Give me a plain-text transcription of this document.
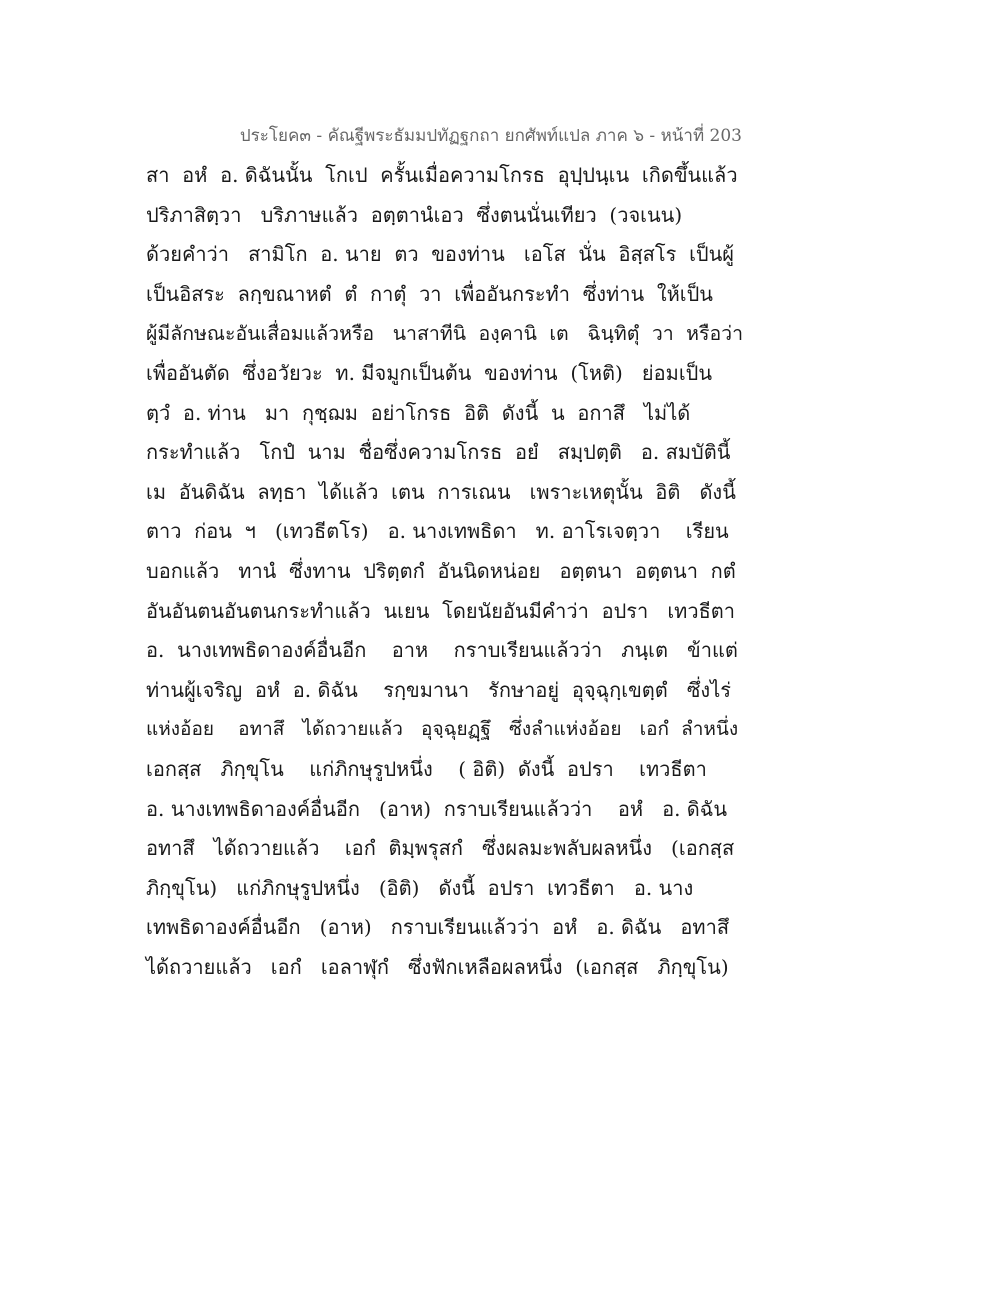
ประโยค๓ - คัณฐีพระธัมมปทัฏฐกถา ยกศัพท์แปล ภาค ๖ - หน้าที่ 203
สา  อหํ  อ. ดิฉันนั้น  โกเป  ครั้นเมื่อความโกรธ  อุปฺปนฺเน  เกิดขึ้นแล้ว
ปริภาสิตฺวา   บริภาษแล้ว  อตฺตานํเอว  ซึ่งตนนั่นเทียว  (วจเนน)
ด้วยคำว่า   สามิโก  อ. นาย  ตว  ของท่าน   เอโส  นั่น  อิสฺสโร  เป็นผู้
เป็นอิสระ  ลกฺขณาหตํ  ตํ  กาตุํ  วา  เพื่ออันกระทำ  ซึ่งท่าน  ให้เป็น
ผู้มีลักษณะอันเสื่อมแล้วหรือ   นาสาทีนิ  องฺคานิ  เต   ฉินฺทิตุํ  วา  หรือว่า
เพื่ออันตัด  ซึ่งอวัยวะ  ท. มีจมูกเป็นต้น  ของท่าน  (โหติ)   ย่อมเป็น
ตฺวํ  อ. ท่าน   มา  กุชฺฌม  อย่าโกรธ  อิติ  ดังนี้  น  อกาสึ   ไม่ได้
กระทำแล้ว   โกปํ  นาม  ชื่อซึ่งความโกรธ  อยํ   สมฺปตฺติ   อ. สมบัตินี้
เม  อันดิฉัน  ลทฺธา  ได้แล้ว  เตน  การเณน   เพราะเหตุนั้น  อิติ   ดังนี้
ตาว  ก่อน  ฯ   (เทวธีตโร)   อ. นางเทพธิดา   ท. อาโรเจตฺวา    เรียน
บอกแล้ว   ทานํ  ซึ่งทาน  ปริตฺตกํ  อันนิดหน่อย   อตฺตนา  อตฺตนา  กตํ
อันอันตนอันตนกระทำแล้ว  นเยน  โดยนัยอันมีคำว่า  อปรา   เทวธีตา
อ.  นางเทพธิดาองค์อื่นอีก    อาห    กราบเรียนแล้วว่า   ภนฺเต   ข้าแต่
ท่านผู้เจริญ  อหํ  อ. ดิฉัน    รกฺขมานา   รักษาอยู่  อุจฺฉุกฺเขตฺตํ   ซึ่งไร่
แห่งอ้อย    อทาสึ   ได้ถวายแล้ว   อุจฺฉุยฏฺฐึ   ซึ่งลำแห่งอ้อย   เอกํ  ลำหนึ่ง
เอกสฺส   ภิกฺขุโน    แก่ภิกษุรูปหนึ่ง    ( อิติ)  ดังนี้  อปรา    เทวธีตา
อ. นางเทพธิดาองค์อื่นอีก   (อาห)  กราบเรียนแล้วว่า    อหํ   อ. ดิฉัน
อทาสึ   ได้ถวายแล้ว    เอกํ  ติมฺพรุสกํ   ซึ่งผลมะพลับผลหนึ่ง   (เอกสฺส
ภิกฺขุโน)   แก่ภิกษุรูปหนึ่ง   (อิติ)   ดังนี้  อปรา  เทวธีตา   อ. นาง
เทพธิดาองค์อื่นอีก   (อาห)   กราบเรียนแล้วว่า  อหํ   อ. ดิฉัน   อทาสึ
ได้ถวายแล้ว   เอกํ   เอลาฬุกํ   ซึ่งฟักเหลือผลหนึ่ง  (เอกสฺส   ภิกฺขุโน)
